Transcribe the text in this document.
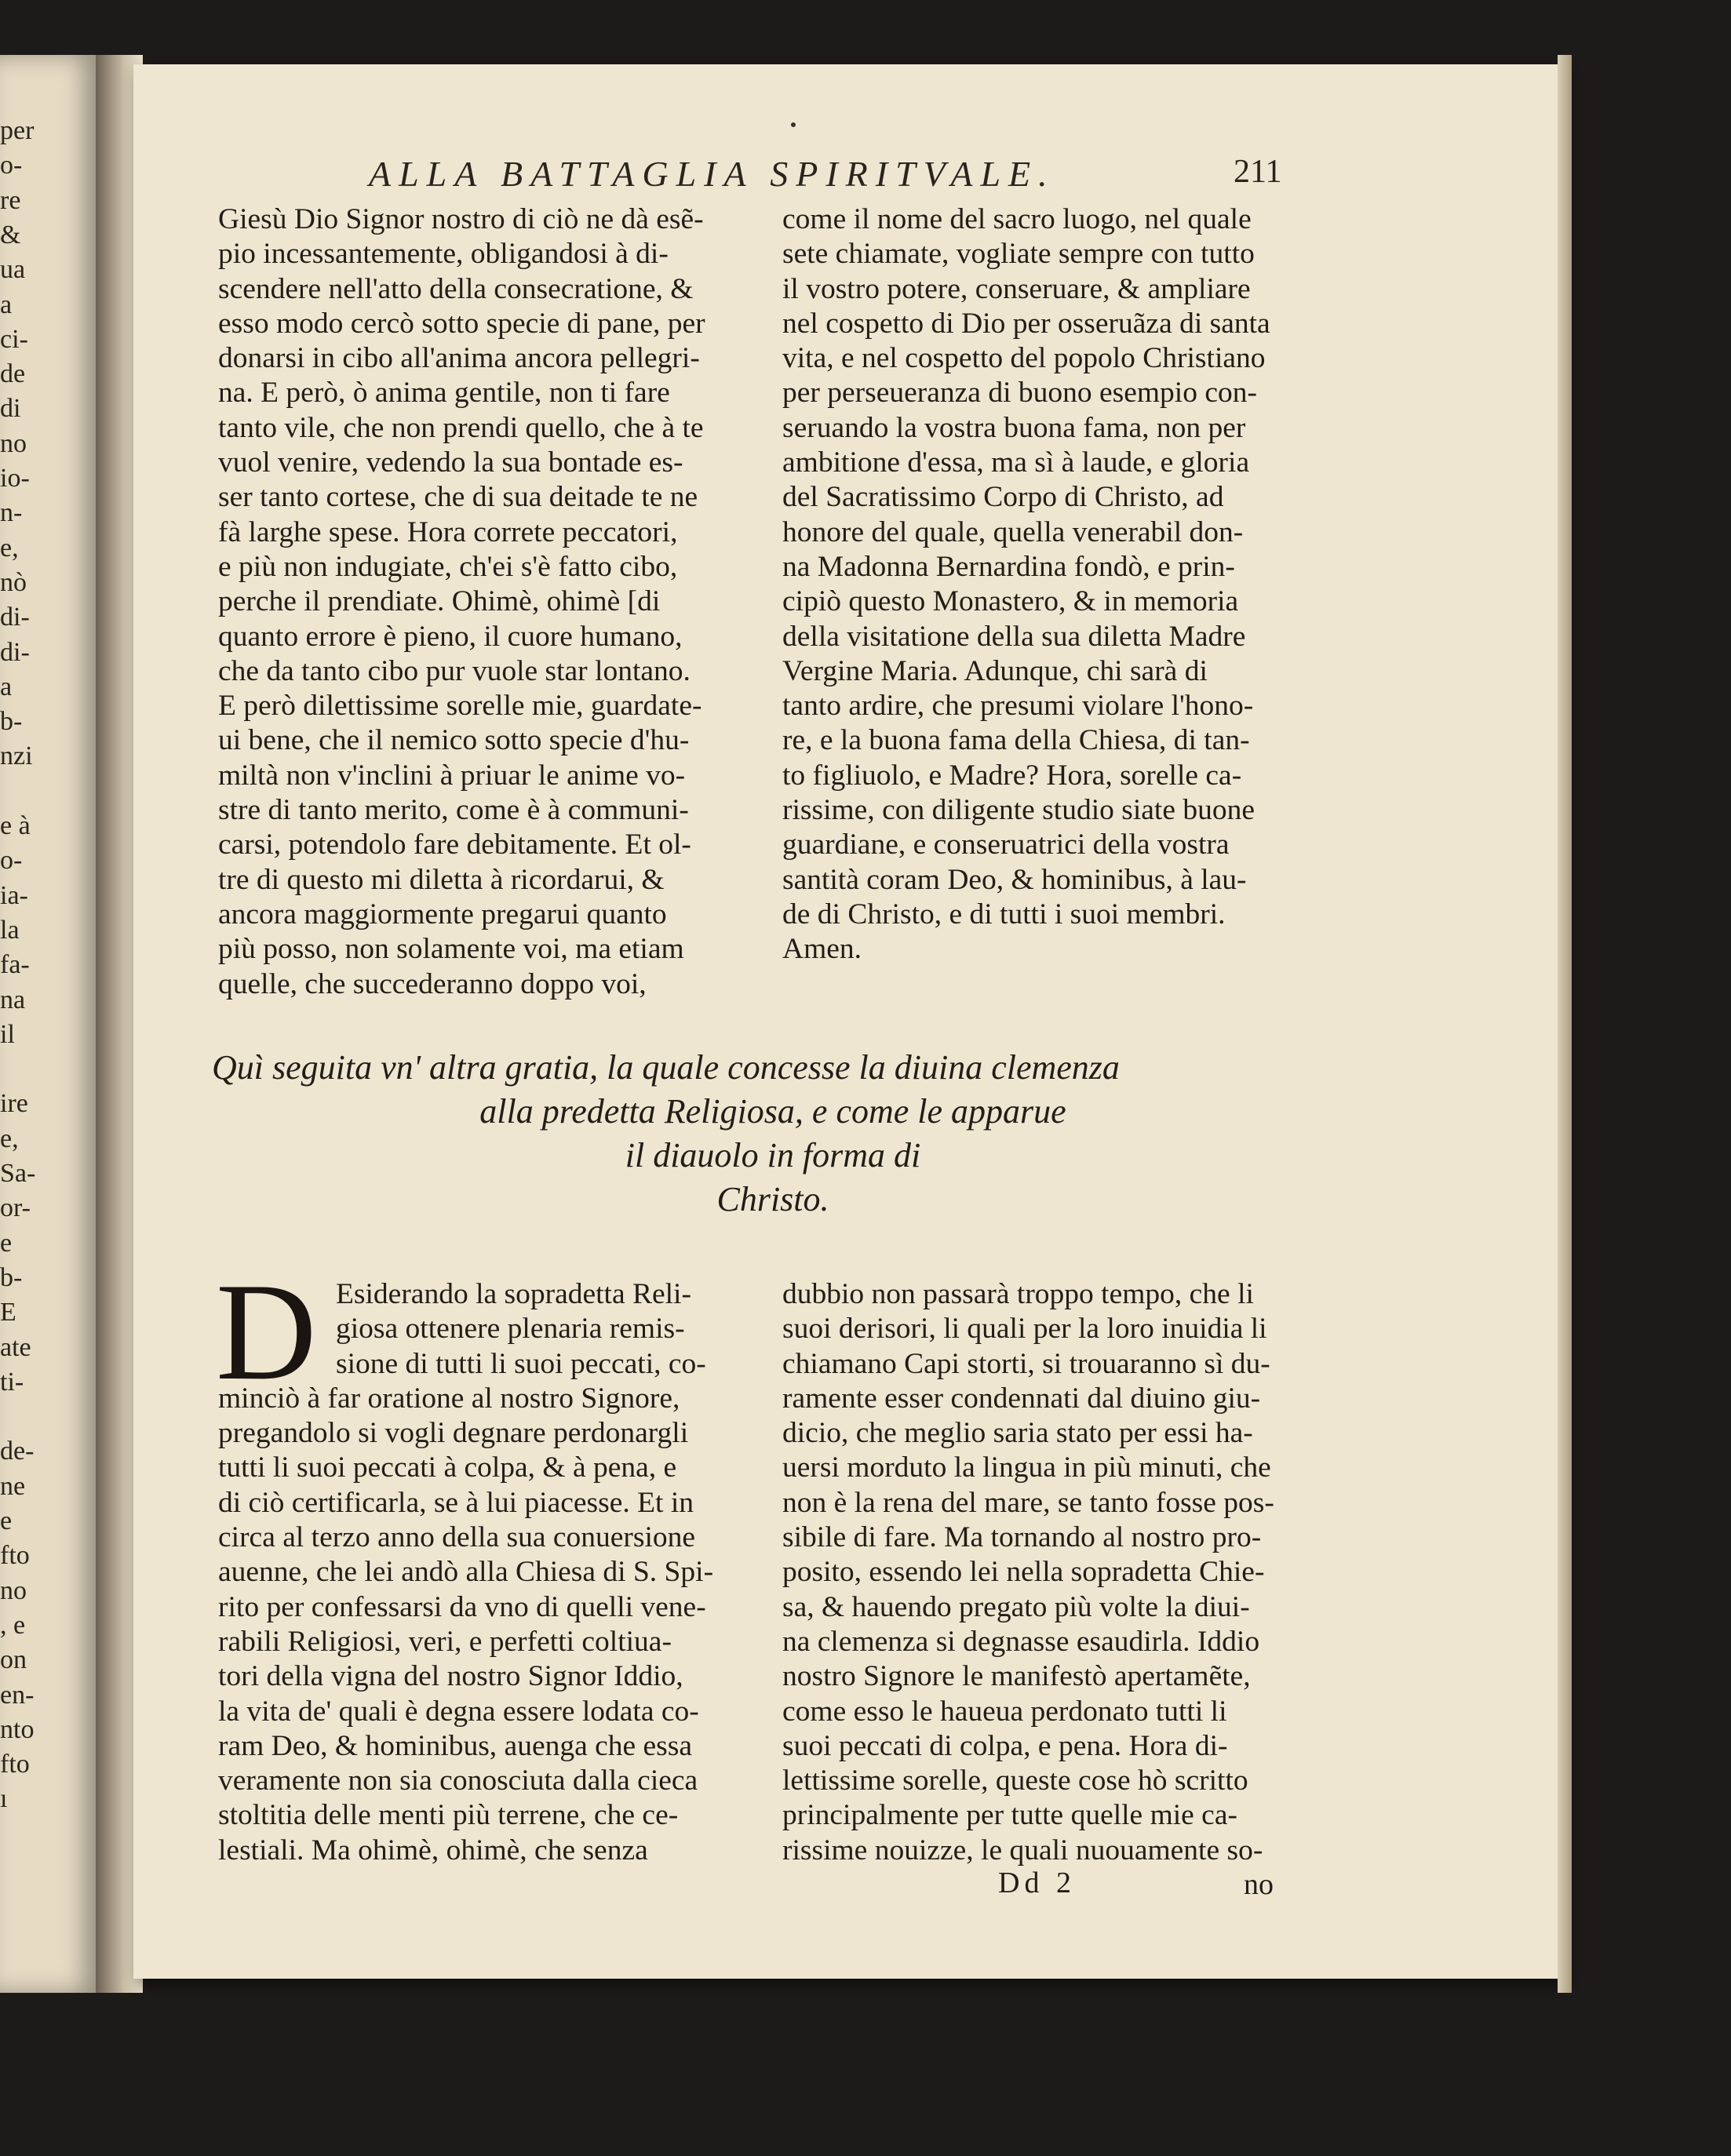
per
o-
re
&
ua
a
ci-
de
di
no
io-
n-
e,
nò
di-
di-
a
b-
nzi
e à
o-
ia-
la
fa-
na
il
ire
e,
Sa-
or-
e
b-
E
ate
ti-
de-
ne
e
fto
no
, e
on
en-
nto
fto
ı
ALLA BATTAGLIA SPIRITVALE.	211
Giesù Dio Signor nostro di ciò ne dà esẽ-
pio incessantemente, obligandosi à di-
scendere nell'atto della consecratione, &
esso modo cercò sotto specie di pane, per
donarsi in cibo all'anima ancora pellegri-
na. E però, ò anima gentile, non ti fare
tanto vile, che non prendi quello, che à te
vuol venire, vedendo la sua bontade es-
ser tanto cortese, che di sua deitade te ne
fà larghe spese. Hora correte peccatori,
e più non indugiate, ch'ei s'è fatto cibo,
perche il prendiate. Ohimè, ohimè [di
quanto errore è pieno, il cuore humano,
che da tanto cibo pur vuole star lontano.
E però dilettissime sorelle mie, guardate-
ui bene, che il nemico sotto specie d'hu-
miltà non v'inclini à priuar le anime vo-
stre di tanto merito, come è à communi-
carsi, potendolo fare debitamente. Et ol-
tre di questo mi diletta à ricordarui, &
ancora maggiormente pregarui quanto
più posso, non solamente voi, ma etiam
quelle, che succederanno doppo voi,
come il nome del sacro luogo, nel quale
sete chiamate, vogliate sempre con tutto
il vostro potere, conseruare, & ampliare
nel cospetto di Dio per osseruãza di santa
vita, e nel cospetto del popolo Christiano
per perseueranza di buono esempio con-
seruando la vostra buona fama, non per
ambitione d'essa, ma sì à laude, e gloria
del Sacratissimo Corpo di Christo, ad
honore del quale, quella venerabil don-
na Madonna Bernardina fondò, e prin-
cipiò questo Monastero, & in memoria
della visitatione della sua diletta Madre
Vergine Maria. Adunque, chi sarà di
tanto ardire, che presumi violare l'hono-
re, e la buona fama della Chiesa, di tan-
to figliuolo, e Madre? Hora, sorelle ca-
rissime, con diligente studio siate buone
guardiane, e conseruatrici della vostra
santità coram Deo, & hominibus, à lau-
de di Christo, e di tutti i suoi membri.
Amen.
Quì seguita vn' altra gratia, la quale concesse la diuina clemenza
alla predetta Religiosa, e come le apparue
il diauolo in forma di
Christo.
D Esiderando la sopradetta Reli-
giosa ottenere plenaria remis-
sione di tutti li suoi peccati, co-
minciò à far oratione al nostro Signore,
pregandolo si vogli degnare perdonargli
tutti li suoi peccati à colpa, & à pena, e
di ciò certificarla, se à lui piacesse. Et in
circa al terzo anno della sua conuersione
auenne, che lei andò alla Chiesa di S. Spi-
rito per confessarsi da vno di quelli vene-
rabili Religiosi, veri, e perfetti coltiua-
tori della vigna del nostro Signor Iddio,
la vita de' quali è degna essere lodata co-
ram Deo, & hominibus, auenga che essa
veramente non sia conosciuta dalla cieca
stoltitia delle menti più terrene, che ce-
lestiali. Ma ohimè, ohimè, che senza
dubbio non passarà troppo tempo, che li
suoi derisori, li quali per la loro inuidia li
chiamano Capi storti, si trouaranno sì du-
ramente esser condennati dal diuino giu-
dicio, che meglio saria stato per essi ha-
uersi morduto la lingua in più minuti, che
non è la rena del mare, se tanto fosse pos-
sibile di fare. Ma tornando al nostro pro-
posito, essendo lei nella sopradetta Chie-
sa, & hauendo pregato più volte la diui-
na clemenza si degnasse esaudirla. Iddio
nostro Signore le manifestò apertamẽte,
come esso le haueua perdonato tutti li
suoi peccati di colpa, e pena. Hora di-
lettissime sorelle, queste cose hò scritto
principalmente per tutte quelle mie ca-
rissime nouizze, le quali nuouamente so-
Dd 2	no
